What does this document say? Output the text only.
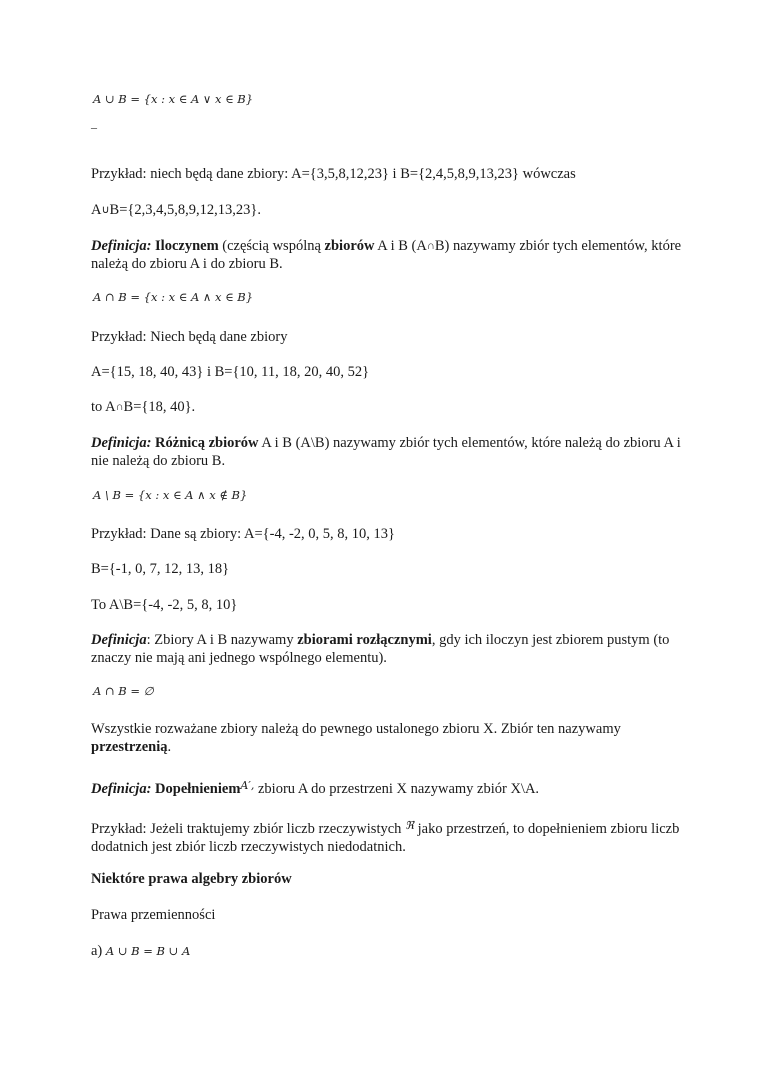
A ∪ B = {x : x ∈ A ∨ x ∈ B}
–
Przykład: niech będą dane zbiory: A={3,5,8,12,23} i B={2,4,5,8,9,13,23} wówczas
A∪B={2,3,4,5,8,9,12,13,23}.
Definicja: Iloczynem (częścią wspólną zbiorów A i B (A∩B) nazywamy zbiór tych elementów, które należą do zbioru A i do zbioru B.
A ∩ B = {x : x ∈ A ∧ x ∈ B}
Przykład: Niech będą dane zbiory
A={15, 18, 40, 43} i B={10, 11, 18, 20, 40, 52}
to A∩B={18, 40}.
Definicja: Różnicą zbiorów A i B (A\B) nazywamy zbiór tych elementów, które należą do zbioru A i nie należą do zbioru B.
A \ B = {x : x ∈ A ∧ x ∉ B}
Przykład: Dane są zbiory: A={-4, -2, 0, 5, 8, 10, 13}
B={-1, 0, 7, 12, 13, 18}
To A\B={-4, -2, 5, 8, 10}
Definicja: Zbiory A i B nazywamy zbiorami rozłącznymi, gdy ich iloczyn jest zbiorem pustym (to znaczy nie mają ani jednego wspólnego elementu).
A ∩ B = ∅
Wszystkie rozważane zbiory należą do pewnego ustalonego zbioru X. Zbiór ten nazywamy przestrzenią.
Definicja: Dopełnieniem$^{A',}$ zbioru A do przestrzeni X nazywamy zbiór X\A.
Przykład: Jeżeli traktujemy zbiór liczb rzeczywistych $^ℜ$ jako przestrzeń, to dopełnieniem zbioru liczb dodatnich jest zbiór liczb rzeczywistych niedodatnich.
Niektóre prawa algebry zbiorów
Prawa przemienności
a) A ∪ B = B ∪ A
